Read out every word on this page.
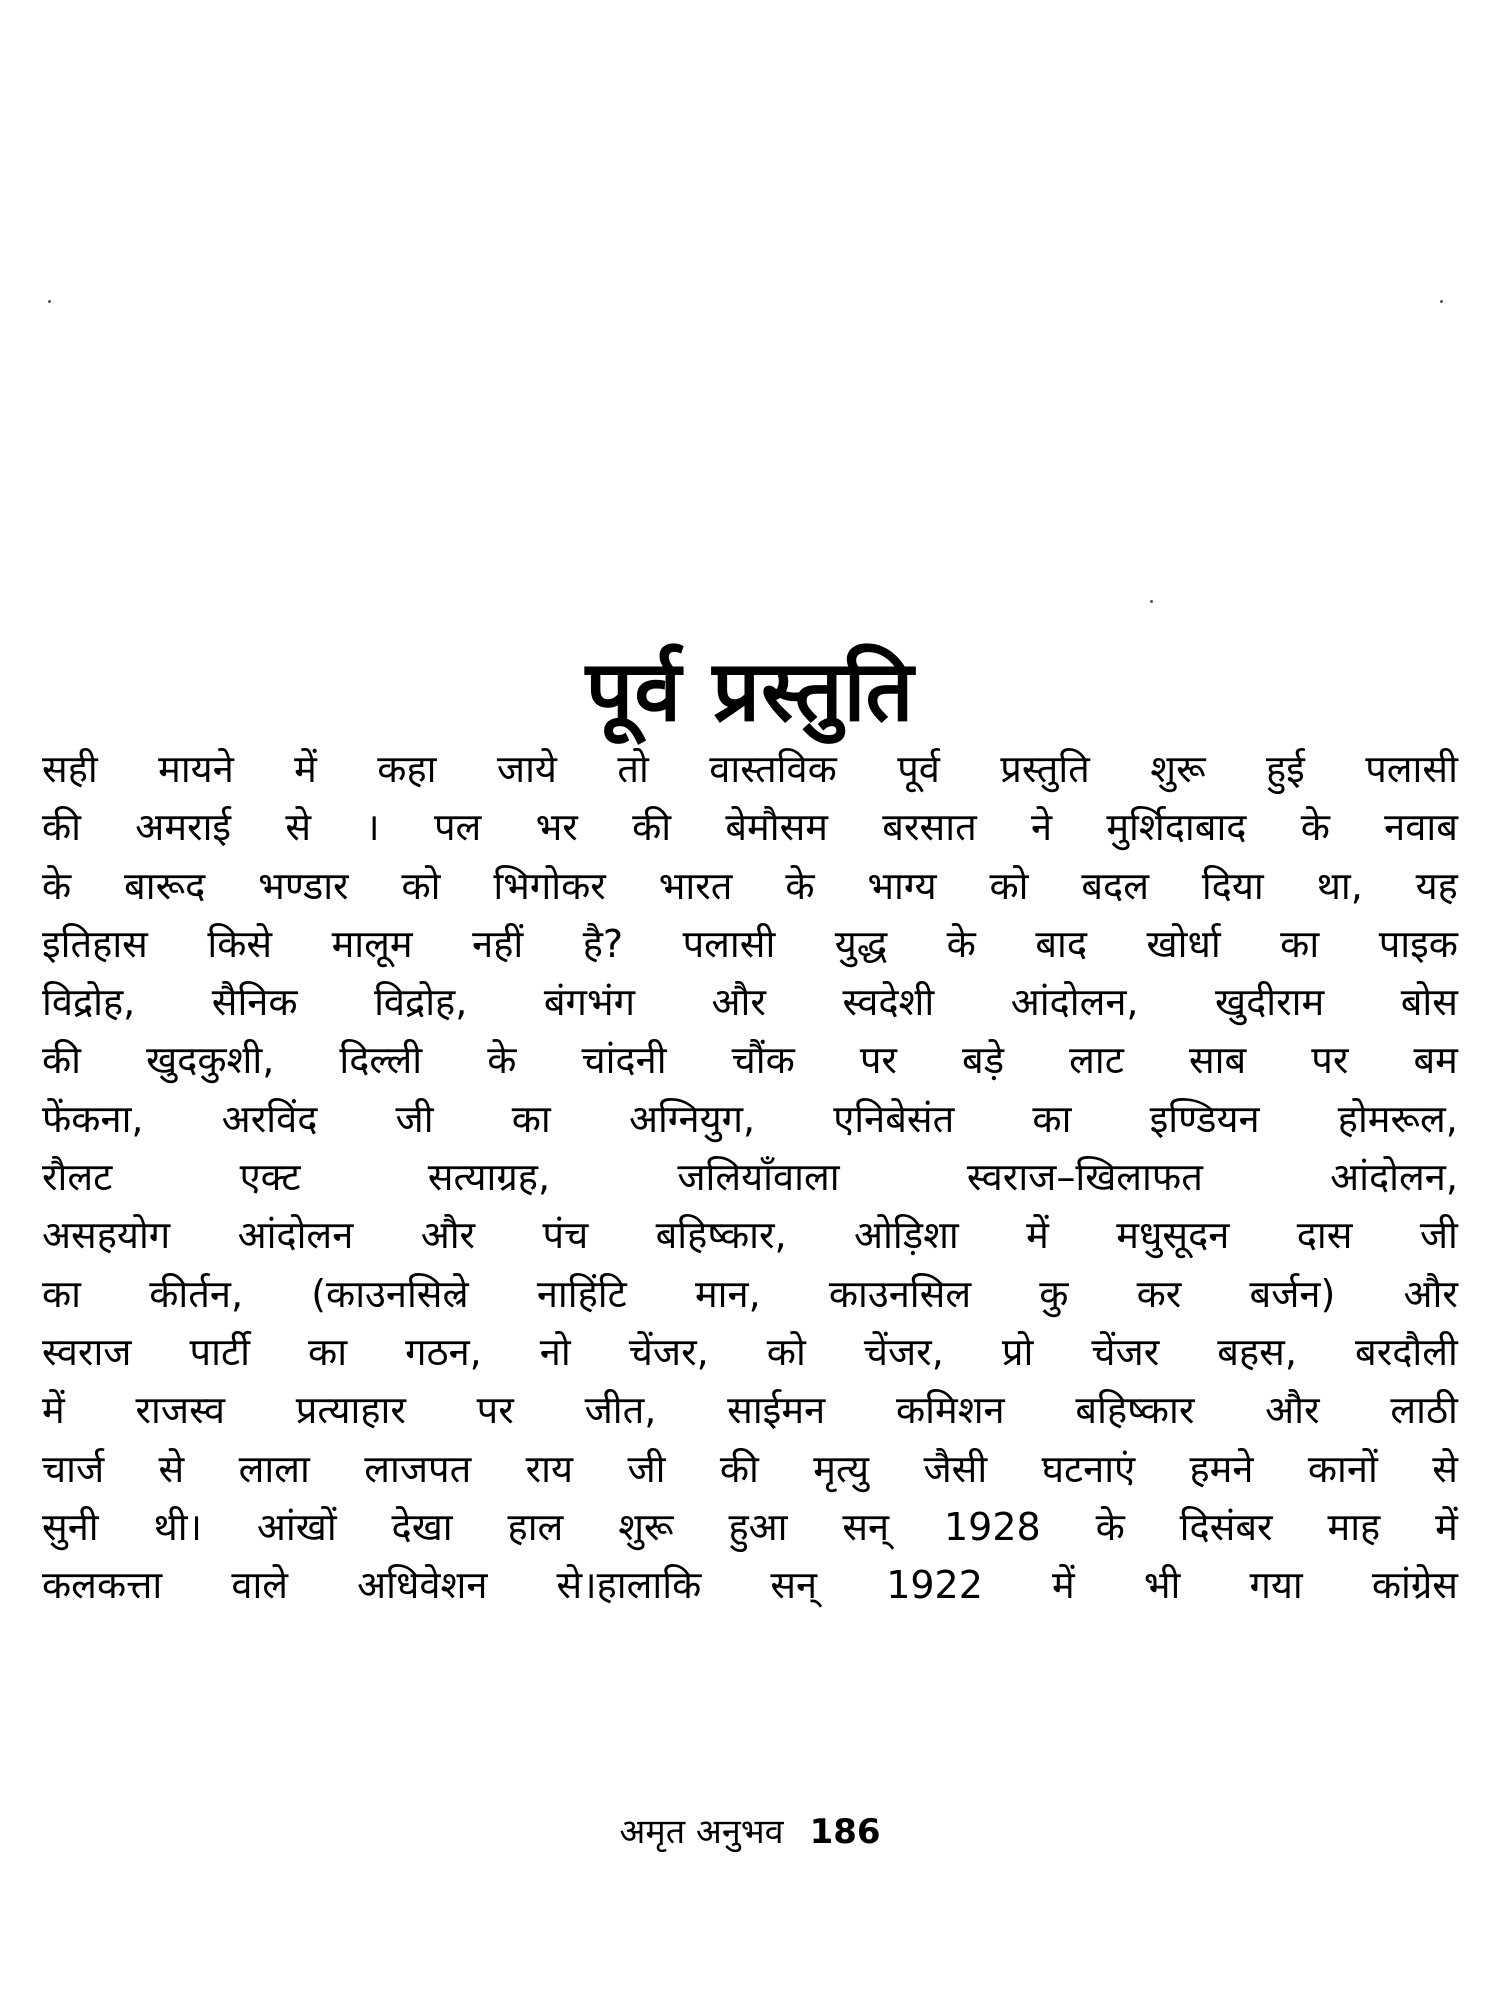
पूर्व प्रस्तुति
सही मायने में कहा जाये तो वास्तविक पूर्व प्रस्तुति शुरू हुई पलासी
की अमराई से । पल भर की बेमौसम बरसात ने मुर्शिदाबाद के नवाब
के बारूद भण्डार को भिगोकर भारत के भाग्य को बदल दिया था, यह
इतिहास किसे मालूम नहीं है? पलासी युद्ध के बाद खोर्धा का पाइक
विद्रोह, सैनिक विद्रोह, बंगभंग और स्वदेशी आंदोलन, खुदीराम बोस
की खुदकुशी, दिल्ली के चांदनी चौंक पर बड़े लाट साब पर बम
फेंकना, अरविंद जी का अग्नियुग, एनिबेसंत का इण्डियन होमरूल,
रौलट	एक्ट	सत्याग्रह,	जलियाँवाला	स्वराज–खिलाफत	आंदोलन,
असहयोग आंदोलन और पंच बहिष्कार, ओड़िशा में मधुसूदन दास जी
का कीर्तन, (काउनसिल्रे नाहिंटि मान, काउनसिल कु कर बर्जन) और
स्वराज पार्टी का गठन, नो चेंजर, को चेंजर, प्रो चेंजर बहस, बरदौली
में राजस्व प्रत्याहार पर जीत, साईमन कमिशन बहिष्कार और लाठी
चार्ज से लाला लाजपत राय जी की मृत्यु जैसी घटनाएं हमने कानों से
सुनी थी। आंखों देखा हाल शुरू हुआ सन् 1928 के दिसंबर माह में
कलकत्ता वाले अधिवेशन से।हालाकि सन् 1922 में भी गया कांग्रेस
अमृत अनुभव 186
